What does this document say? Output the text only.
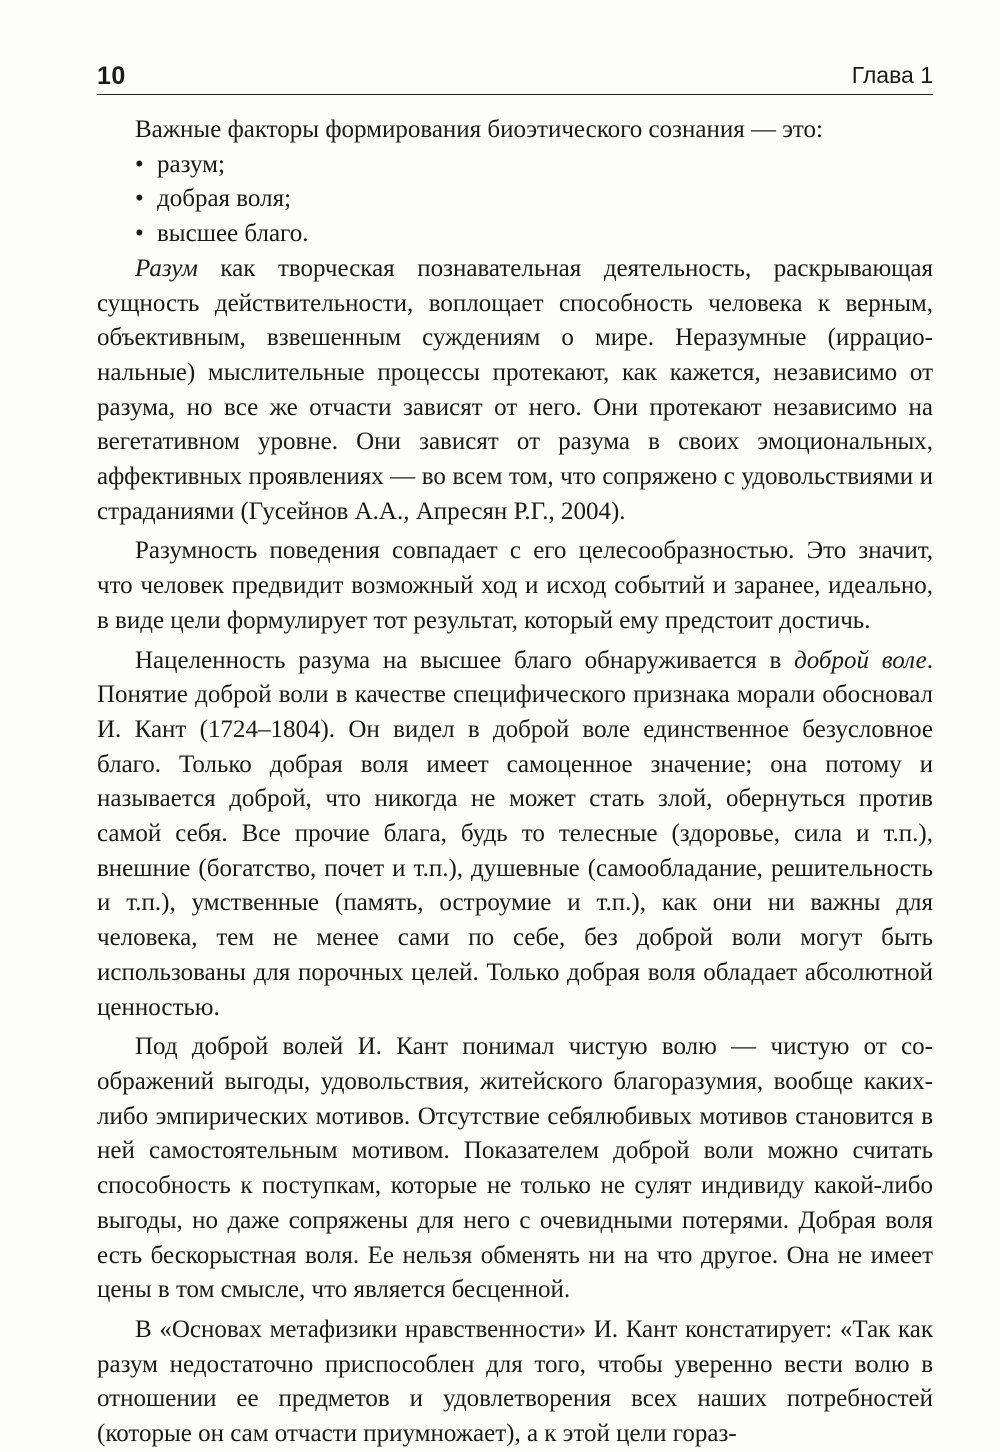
10	Глава 1

Важные факторы формирования биоэтического сознания — это:

• разум;
• добрая воля;
• высшее благо.

Разум как творческая познавательная деятельность, раскрывающая сущность действительности, воплощает способность человека к верным, объективным, взвешенным суждениям о мире. Неразумные (иррациональные) мыслительные процессы протекают, как кажется, независимо от разума, но все же отчасти зависят от него. Они протекают независимо на вегетативном уровне. Они зависят от разума в своих эмоциональных, аффективных проявлениях — во всем том, что сопряжено с удовольствиями и страданиями (Гусейнов А.А., Апресян Р.Г., 2004).

Разумность поведения совпадает с его целесообразностью. Это значит, что человек предвидит возможный ход и исход событий и заранее, идеально, в виде цели формулирует тот результат, который ему предстоит достичь.

Нацеленность разума на высшее благо обнаруживается в доброй воле. Понятие доброй воли в качестве специфического признака морали обосновал И. Кант (1724–1804). Он видел в доброй воле единственное безусловное благо. Только добрая воля имеет самоценное значение; она потому и называется доброй, что никогда не может стать злой, обернуться против самой себя. Все прочие блага, будь то телесные (здоровье, сила и т.п.), внешние (богатство, почет и т.п.), душевные (самообладание, решительность и т.п.), умственные (память, остроумие и т.п.), как они ни важны для человека, тем не менее сами по себе, без доброй воли могут быть использованы для порочных целей. Только добрая воля обладает абсолютной ценностью.

Под доброй волей И. Кант понимал чистую волю — чистую от соображений выгоды, удовольствия, житейского благоразумия, вообще каких-либо эмпирических мотивов. Отсутствие себялюбивых мотивов становится в ней самостоятельным мотивом. Показателем доброй воли можно считать способность к поступкам, которые не только не сулят индивиду какой-либо выгоды, но даже сопряжены для него с очевидными потерями. Добрая воля есть бескорыстная воля. Ее нельзя обменять ни на что другое. Она не имеет цены в том смысле, что является бесценной.

В «Основах метафизики нравственности» И. Кант констатирует: «Так как разум недостаточно приспособлен для того, чтобы уверенно вести волю в отношении ее предметов и удовлетворения всех наших потребностей (которые он сам отчасти приумножает), а к этой цели гораз-
